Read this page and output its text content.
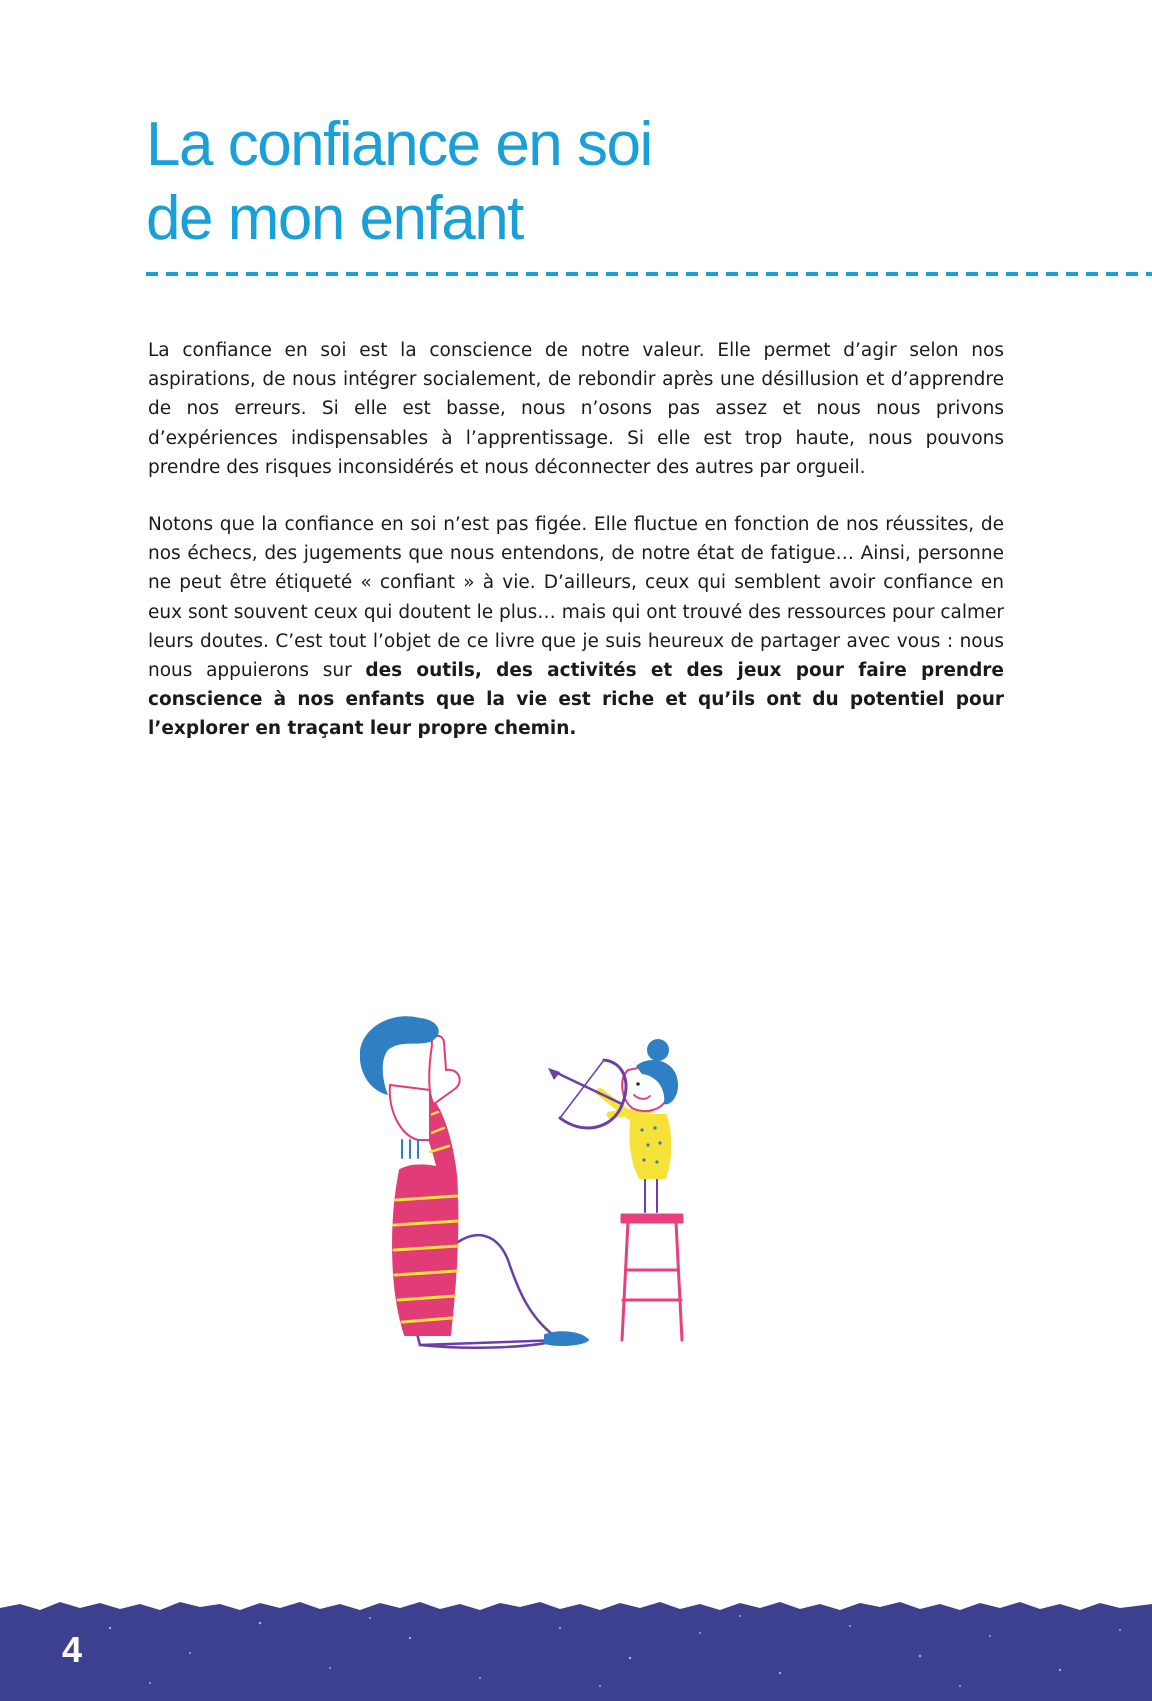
La confiance en soi
de mon enfant

La confiance en soi est la conscience de notre valeur. Elle permet d’agir selon nos aspirations, de nous intégrer socialement, de rebondir après une désillusion et d’apprendre de nos erreurs. Si elle est basse, nous n’osons pas assez et nous nous privons d’expériences indispensables à l’apprentissage. Si elle est trop haute, nous pouvons prendre des risques inconsidérés et nous déconnecter des autres par orgueil.

Notons que la confiance en soi n’est pas figée. Elle fluctue en fonction de nos réussites, de nos échecs, des jugements que nous entendons, de notre état de fatigue… Ainsi, personne ne peut être étiqueté « confiant » à vie. D’ailleurs, ceux qui semblent avoir confiance en eux sont souvent ceux qui doutent le plus… mais qui ont trouvé des ressources pour calmer leurs doutes. C’est tout l’objet de ce livre que je suis heureux de partager avec vous : nous nous appuierons sur des outils, des activités et des jeux pour faire prendre conscience à nos enfants que la vie est riche et qu’ils ont du potentiel pour l’explorer en traçant leur propre chemin.

4
